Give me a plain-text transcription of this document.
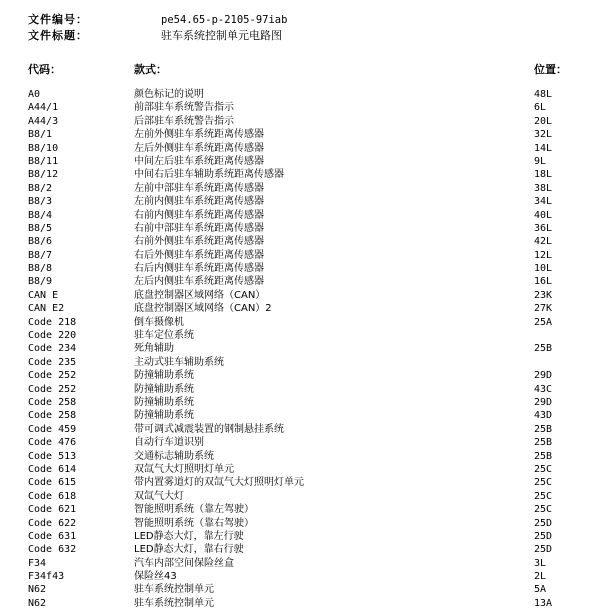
文件编号：	pe54.65-p-2105-97iab
文件标题：	驻车系统控制单元电路图
代码：	款式：	位置：
A0	颜色标记的说明	48L
A44/1	前部驻车系统警告指示	6L
A44/3	后部驻车系统警告指示	20L
B8/1	左前外侧驻车系统距离传感器	32L
B8/10	左后外侧驻车系统距离传感器	14L
B8/11	中间左后驻车系统距离传感器	9L
B8/12	中间右后驻车辅助系统距离传感器	18L
B8/2	左前中部驻车系统距离传感器	38L
B8/3	左前内侧驻车系统距离传感器	34L
B8/4	右前内侧驻车系统距离传感器	40L
B8/5	右前中部驻车系统距离传感器	36L
B8/6	右前外侧驻车系统距离传感器	42L
B8/7	右后外侧驻车系统距离传感器	12L
B8/8	右后内侧驻车系统距离传感器	10L
B8/9	左后内侧驻车系统距离传感器	16L
CAN E	底盘控制器区域网络（CAN）	23K
CAN E2	底盘控制器区域网络（CAN）2	27K
Code 218	倒车摄像机	25A
Code 220	驻车定位系统
Code 234	死角辅助	25B
Code 235	主动式驻车辅助系统
Code 252	防撞辅助系统	29D
Code 252	防撞辅助系统	43C
Code 258	防撞辅助系统	29D
Code 258	防撞辅助系统	43D
Code 459	带可调式减震装置的钢制悬挂系统	25B
Code 476	自动行车道识别	25B
Code 513	交通标志辅助系统	25B
Code 614	双氙气大灯照明灯单元	25C
Code 615	带内置雾道灯的双氙气大灯照明灯单元	25C
Code 618	双氙气大灯	25C
Code 621	智能照明系统（靠左驾驶）	25C
Code 622	智能照明系统（靠右驾驶）	25D
Code 631	LED静态大灯，靠左行驶	25D
Code 632	LED静态大灯，靠右行驶	25D
F34	汽车内部空间保险丝盒	3L
F34f43	保险丝43	2L
N62	驻车系统控制单元	5A
N62	驻车系统控制单元	13A
